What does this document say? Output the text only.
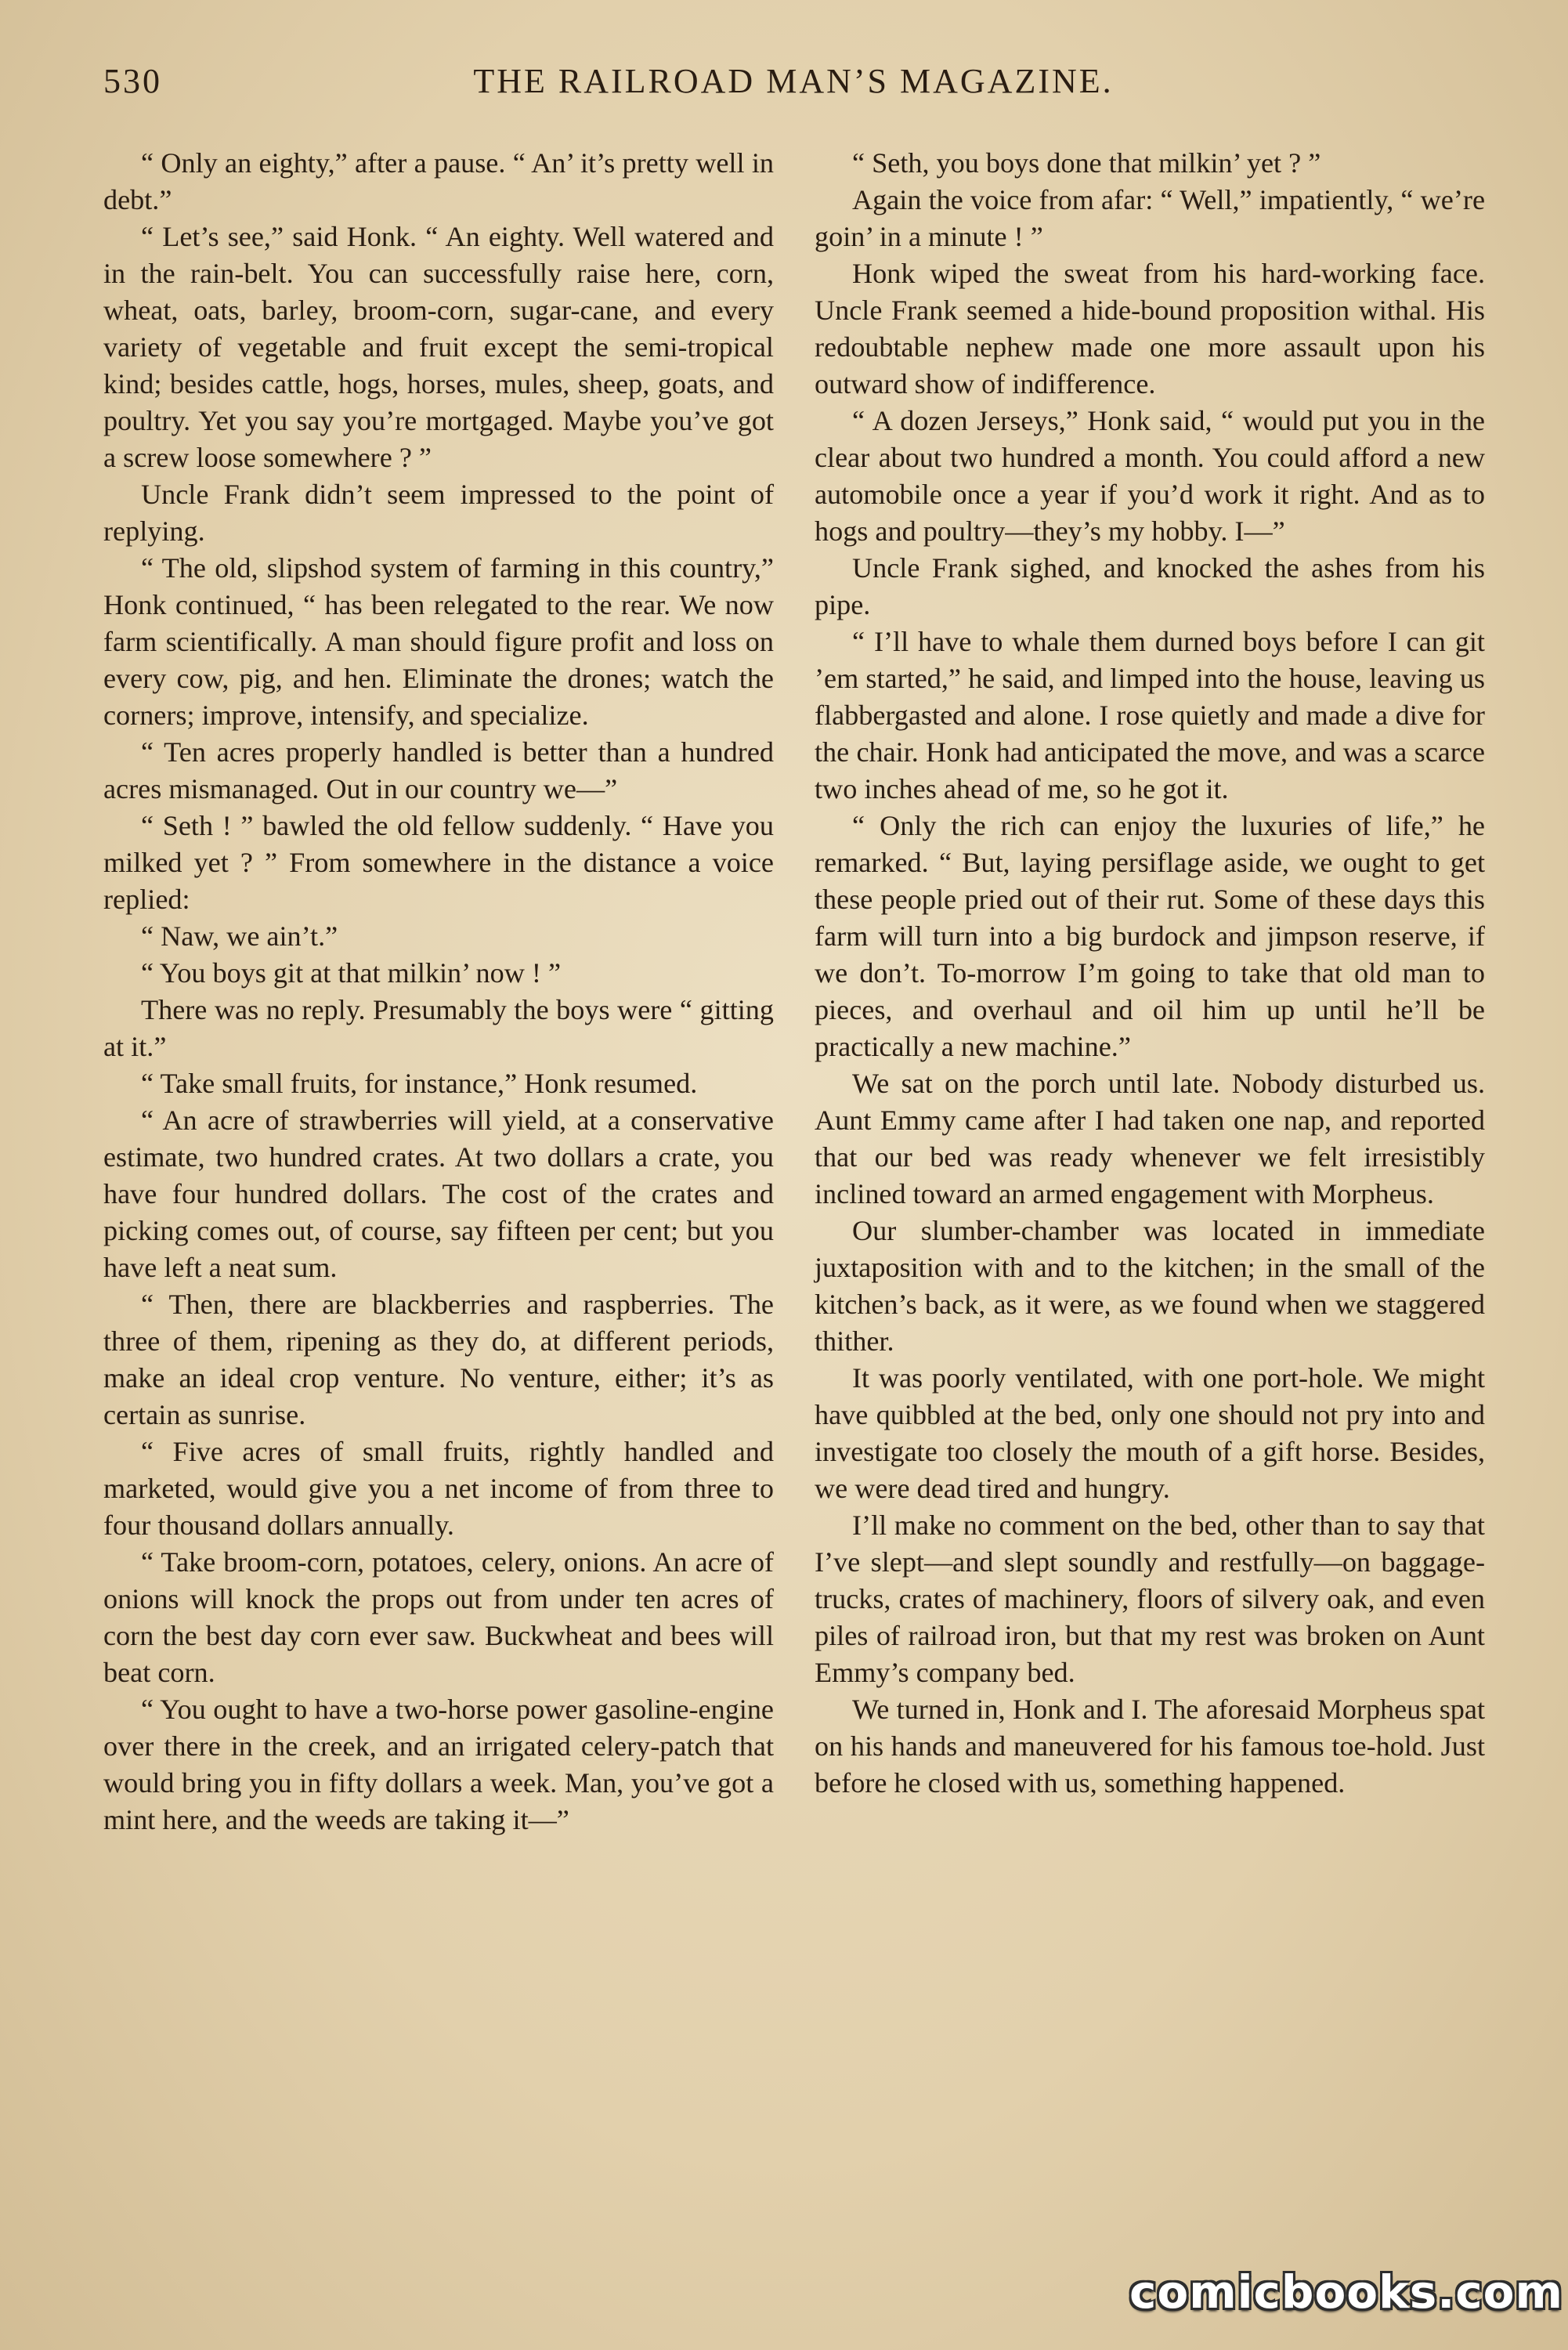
530	THE RAILROAD MAN’S MAGAZINE.

“ Only an eighty,” after a pause. “ An’ it’s pretty well in debt.”

“ Let’s see,” said Honk. “ An eighty. Well watered and in the rain-belt. You can successfully raise here, corn, wheat, oats, barley, broom-corn, sugar-cane, and every variety of vegetable and fruit except the semi-tropical kind; besides cattle, hogs, horses, mules, sheep, goats, and poultry. Yet you say you’re mortgaged. Maybe you’ve got a screw loose somewhere ? ”

Uncle Frank didn’t seem impressed to the point of replying.

“ The old, slipshod system of farming in this country,” Honk continued, “ has been relegated to the rear. We now farm scientifically. A man should figure profit and loss on every cow, pig, and hen. Eliminate the drones; watch the corners; improve, intensify, and specialize.

“ Ten acres properly handled is better than a hundred acres mismanaged. Out in our country we—”

“ Seth ! ” bawled the old fellow suddenly. “ Have you milked yet ? ” From somewhere in the distance a voice replied:

“ Naw, we ain’t.”

“ You boys git at that milkin’ now ! ”

There was no reply. Presumably the boys were “ gitting at it.”

“ Take small fruits, for instance,” Honk resumed.

“ An acre of strawberries will yield, at a conservative estimate, two hundred crates. At two dollars a crate, you have four hundred dollars. The cost of the crates and picking comes out, of course, say fifteen per cent; but you have left a neat sum.

“ Then, there are blackberries and raspberries. The three of them, ripening as they do, at different periods, make an ideal crop venture. No venture, either; it’s as certain as sunrise.

“ Five acres of small fruits, rightly handled and marketed, would give you a net income of from three to four thousand dollars annually.

“ Take broom-corn, potatoes, celery, onions. An acre of onions will knock the props out from under ten acres of corn the best day corn ever saw. Buckwheat and bees will beat corn.

“ You ought to have a two-horse power gasoline-engine over there in the creek, and an irrigated celery-patch that would bring you in fifty dollars a week. Man, you’ve got a mint here, and the weeds are taking it—”

“ Seth, you boys done that milkin’ yet ? ”

Again the voice from afar: “ Well,” impatiently, “ we’re goin’ in a minute ! ”

Honk wiped the sweat from his hard-working face. Uncle Frank seemed a hide-bound proposition withal. His redoubtable nephew made one more assault upon his outward show of indifference.

“ A dozen Jerseys,” Honk said, “ would put you in the clear about two hundred a month. You could afford a new automobile once a year if you’d work it right. And as to hogs and poultry—they’s my hobby. I—”

Uncle Frank sighed, and knocked the ashes from his pipe.

“ I’ll have to whale them durned boys before I can git ’em started,” he said, and limped into the house, leaving us flabbergasted and alone. I rose quietly and made a dive for the chair. Honk had anticipated the move, and was a scarce two inches ahead of me, so he got it.

“ Only the rich can enjoy the luxuries of life,” he remarked. “ But, laying persiflage aside, we ought to get these people pried out of their rut. Some of these days this farm will turn into a big burdock and jimpson reserve, if we don’t. To-morrow I’m going to take that old man to pieces, and overhaul and oil him up until he’ll be practically a new machine.”

We sat on the porch until late. Nobody disturbed us. Aunt Emmy came after I had taken one nap, and reported that our bed was ready whenever we felt irresistibly inclined toward an armed engagement with Morpheus.

Our slumber-chamber was located in immediate juxtaposition with and to the kitchen; in the small of the kitchen’s back, as it were, as we found when we staggered thither.

It was poorly ventilated, with one port-hole. We might have quibbled at the bed, only one should not pry into and investigate too closely the mouth of a gift horse. Besides, we were dead tired and hungry.

I’ll make no comment on the bed, other than to say that I’ve slept—and slept soundly and restfully—on baggage-trucks, crates of machinery, floors of silvery oak, and even piles of railroad iron, but that my rest was broken on Aunt Emmy’s company bed.

We turned in, Honk and I. The aforesaid Morpheus spat on his hands and maneuvered for his famous toe-hold. Just before he closed with us, something happened.

comicbooks.com
